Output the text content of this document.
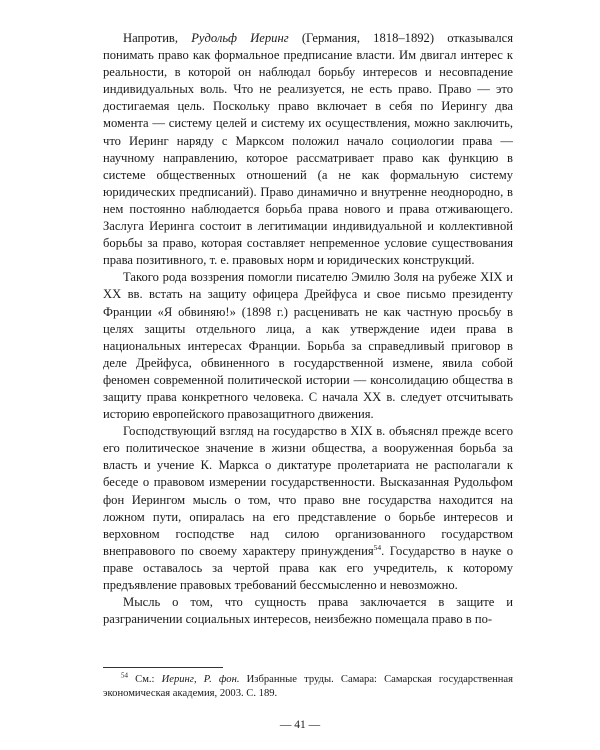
Напротив, Рудольф Иеринг (Германия, 1818–1892) отказывался понимать право как формальное предписание власти. Им двигал интерес к реальности, в которой он наблюдал борьбу интересов и несовпадение индивидуальных воль. Что не реализуется, не есть право. Право — это достигаемая цель. Поскольку право включает в себя по Иерингу два момента — систему целей и систему их осуществления, можно заключить, что Иеринг наряду с Марксом положил начало социологии права — научному направлению, которое рассматривает право как функцию в системе общественных отношений (а не как формальную систему юридических предписаний). Право динамично и внутренне неоднородно, в нем постоянно наблюдается борьба права нового и права отживающего. Заслуга Иеринга состоит в легитимации индивидуальной и коллективной борьбы за право, которая составляет непременное условие существования права позитивного, т. е. правовых норм и юридических конструкций.

Такого рода воззрения помогли писателю Эмилю Золя на рубеже XIX и XX вв. встать на защиту офицера Дрейфуса и свое письмо президенту Франции «Я обвиняю!» (1898 г.) расценивать не как частную просьбу в целях защиты отдельного лица, а как утверждение идеи права в национальных интересах Франции. Борьба за справедливый приговор в деле Дрейфуса, обвиненного в государственной измене, явила собой феномен современной политической истории — консолидацию общества в защиту права конкретного человека. С начала XX в. следует отсчитывать историю европейского правозащитного движения.

Господствующий взгляд на государство в XIX в. объяснял прежде всего его политическое значение в жизни общества, а вооруженная борьба за власть и учение К. Маркса о диктатуре пролетариата не располагали к беседе о правовом измерении государственности. Высказанная Рудольфом фон Иерингом мысль о том, что право вне государства находится на ложном пути, опиралась на его представление о борьбе интересов и верховном господстве над силою организованного государством внеправового по своему характеру принуждения$^{54}$. Государство в науке о праве оставалось за чертой права как его учредитель, к которому предъявление правовых требований бессмысленно и невозможно.

Мысль о том, что сущность права заключается в защите и разграничении социальных интересов, неизбежно помещала право в по-

$^{54}$ См.: Иеринг, Р. фон. Избранные труды. Самара: Самарская государственная экономическая академия, 2003. С. 189.

— 41 —
